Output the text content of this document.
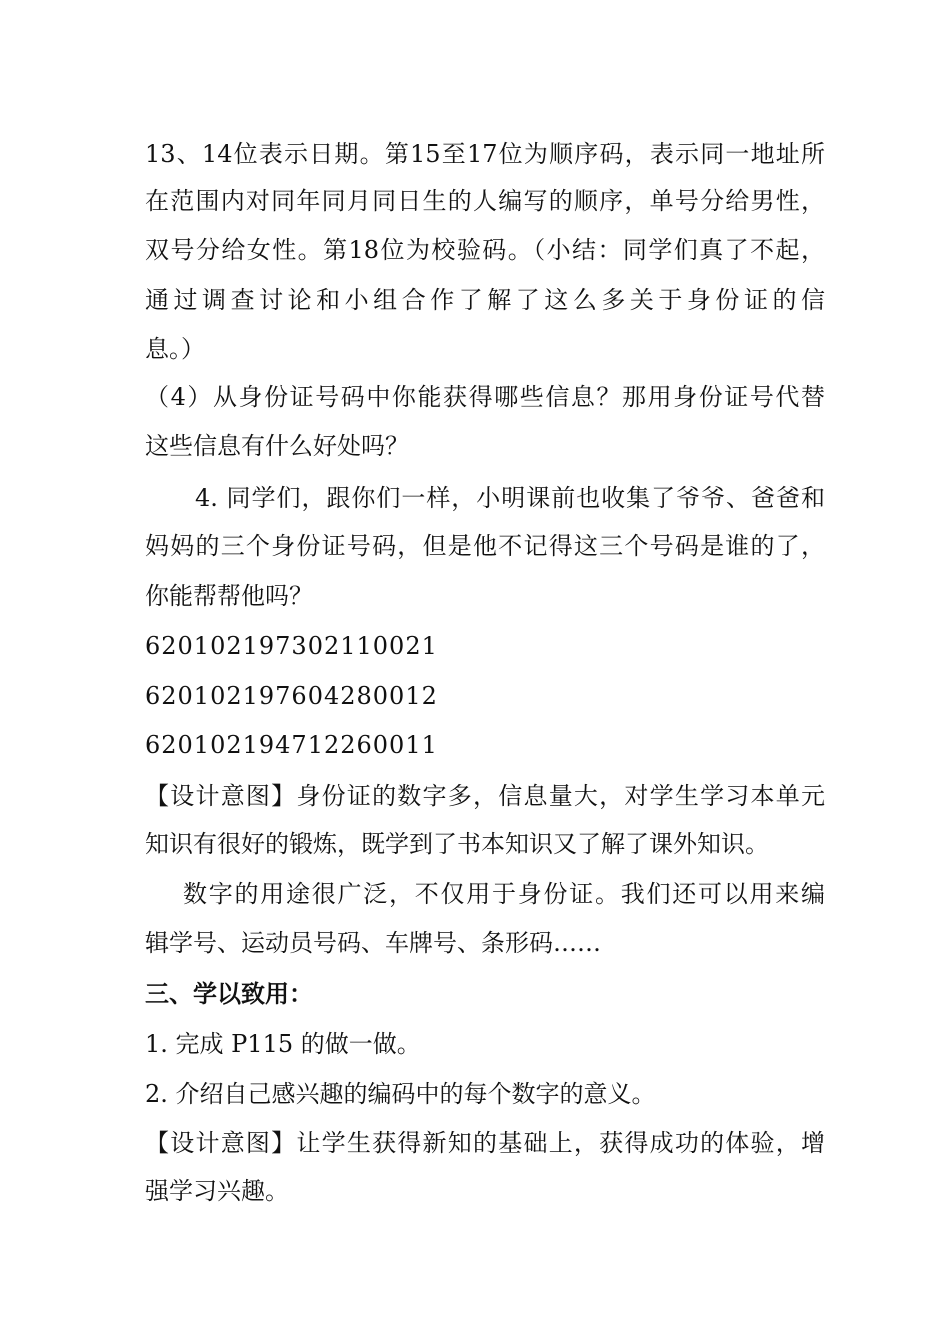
13、14位表示日期。第15至17位为顺序码，表示同一地址所
在范围内对同年同月同日生的人编写的顺序，单号分给男性，
双号分给女性。第18位为校验码。（小结：同学们真了不起，
通过调查讨论和小组合作了解了这么多关于身份证的信
息。）
（4）从身份证号码中你能获得哪些信息？那用身份证号代替
这些信息有什么好处吗？
4. 同学们，跟你们一样，小明课前也收集了爷爷、爸爸和
妈妈的三个身份证号码，但是他不记得这三个号码是谁的了，
你能帮帮他吗？
620102197302110021
620102197604280012
620102194712260011
【设计意图】身份证的数字多，信息量大，对学生学习本单元
知识有很好的锻炼，既学到了书本知识又了解了课外知识。
数字的用途很广泛，不仅用于身份证。我们还可以用来编
辑学号、运动员号码、车牌号、条形码……
三、学以致用：
1. 完成 P115 的做一做。
2. 介绍自己感兴趣的编码中的每个数字的意义。
【设计意图】让学生获得新知的基础上，获得成功的体验，增
强学习兴趣。
